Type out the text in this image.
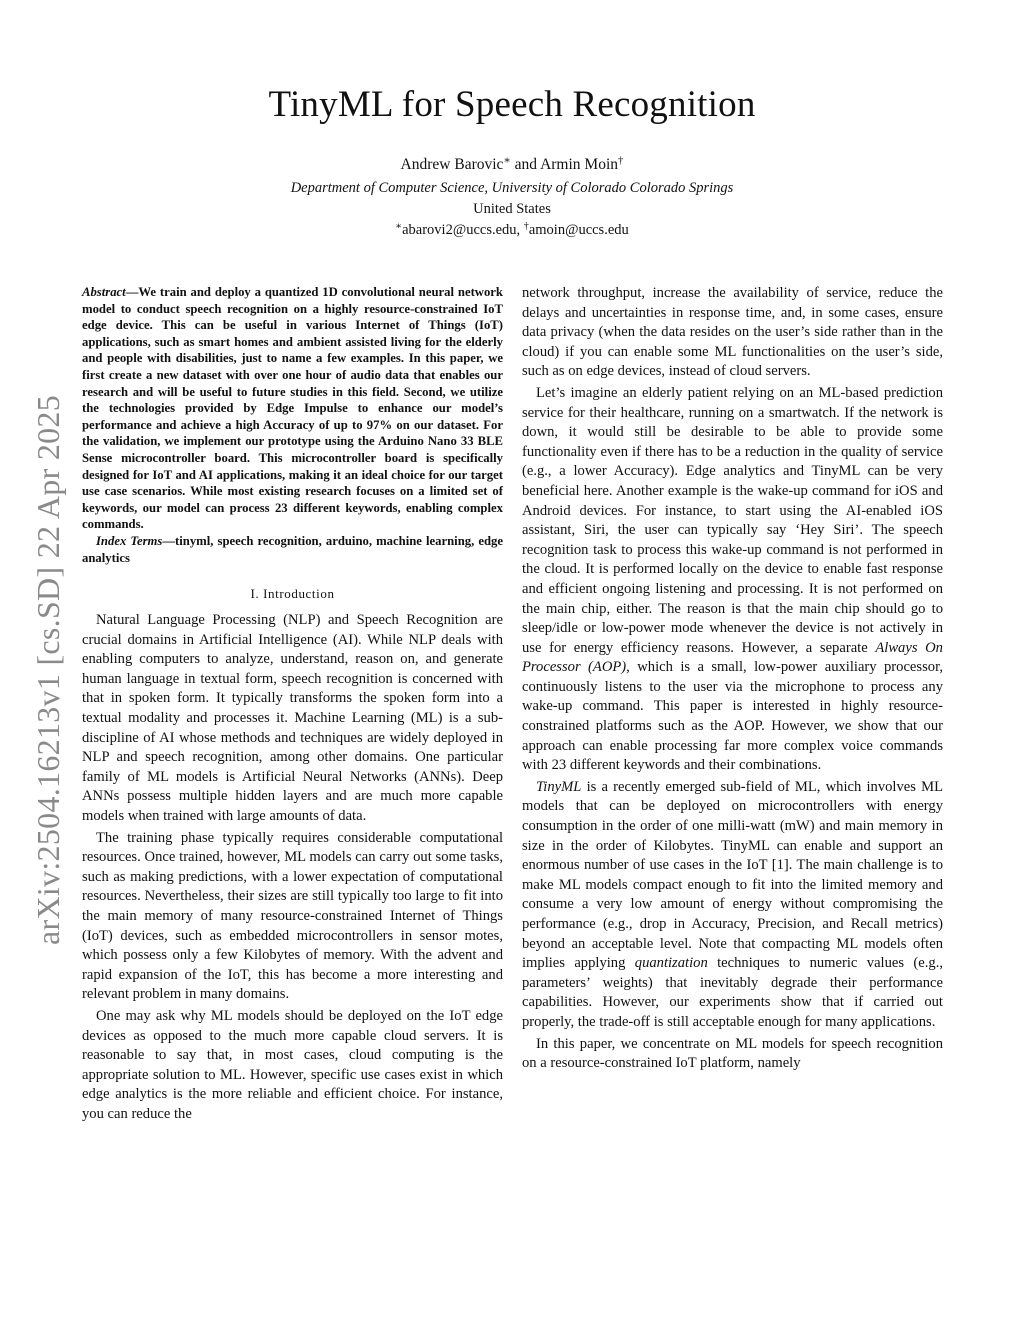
TinyML for Speech Recognition
Andrew Barovic∗ and Armin Moin†
Department of Computer Science, University of Colorado Colorado Springs
United States
∗abarovi2@uccs.edu, †amoin@uccs.edu
arXiv:2504.16213v1 [cs.SD] 22 Apr 2025

Abstract—We train and deploy a quantized 1D convolutional neural network model to conduct speech recognition on a highly resource-constrained IoT edge device. This can be useful in various Internet of Things (IoT) applications, such as smart homes and ambient assisted living for the elderly and people with disabilities, just to name a few examples. In this paper, we first create a new dataset with over one hour of audio data that enables our research and will be useful to future studies in this field. Second, we utilize the technologies provided by Edge Impulse to enhance our model’s performance and achieve a high Accuracy of up to 97% on our dataset. For the validation, we implement our prototype using the Arduino Nano 33 BLE Sense microcontroller board. This microcontroller board is specifically designed for IoT and AI applications, making it an ideal choice for our target use case scenarios. While most existing research focuses on a limited set of keywords, our model can process 23 different keywords, enabling complex commands.

Index Terms—tinyml, speech recognition, arduino, machine learning, edge analytics

I. Introduction

Natural Language Processing (NLP) and Speech Recognition are crucial domains in Artificial Intelligence (AI). While NLP deals with enabling computers to analyze, understand, reason on, and generate human language in textual form, speech recognition is concerned with that in spoken form. It typically transforms the spoken form into a textual modality and processes it. Machine Learning (ML) is a sub-discipline of AI whose methods and techniques are widely deployed in NLP and speech recognition, among other domains. One particular family of ML models is Artificial Neural Networks (ANNs). Deep ANNs possess multiple hidden layers and are much more capable models when trained with large amounts of data.

The training phase typically requires considerable computational resources. Once trained, however, ML models can carry out some tasks, such as making predictions, with a lower expectation of computational resources. Nevertheless, their sizes are still typically too large to fit into the main memory of many resource-constrained Internet of Things (IoT) devices, such as embedded microcontrollers in sensor motes, which possess only a few Kilobytes of memory. With the advent and rapid expansion of the IoT, this has become a more interesting and relevant problem in many domains.

One may ask why ML models should be deployed on the IoT edge devices as opposed to the much more capable cloud servers. It is reasonable to say that, in most cases, cloud computing is the appropriate solution to ML. However, specific use cases exist in which edge analytics is the more reliable and efficient choice. For instance, you can reduce the

network throughput, increase the availability of service, reduce the delays and uncertainties in response time, and, in some cases, ensure data privacy (when the data resides on the user’s side rather than in the cloud) if you can enable some ML functionalities on the user’s side, such as on edge devices, instead of cloud servers.

Let’s imagine an elderly patient relying on an ML-based prediction service for their healthcare, running on a smartwatch. If the network is down, it would still be desirable to be able to provide some functionality even if there has to be a reduction in the quality of service (e.g., a lower Accuracy). Edge analytics and TinyML can be very beneficial here. Another example is the wake-up command for iOS and Android devices. For instance, to start using the AI-enabled iOS assistant, Siri, the user can typically say ‘Hey Siri’. The speech recognition task to process this wake-up command is not performed in the cloud. It is performed locally on the device to enable fast response and efficient ongoing listening and processing. It is not performed on the main chip, either. The reason is that the main chip should go to sleep/idle or low-power mode whenever the device is not actively in use for energy efficiency reasons. However, a separate Always On Processor (AOP), which is a small, low-power auxiliary processor, continuously listens to the user via the microphone to process any wake-up command. This paper is interested in highly resource-constrained platforms such as the AOP. However, we show that our approach can enable processing far more complex voice commands with 23 different keywords and their combinations.

TinyML is a recently emerged sub-field of ML, which involves ML models that can be deployed on microcontrollers with energy consumption in the order of one milli-watt (mW) and main memory in size in the order of Kilobytes. TinyML can enable and support an enormous number of use cases in the IoT [1]. The main challenge is to make ML models compact enough to fit into the limited memory and consume a very low amount of energy without compromising the performance (e.g., drop in Accuracy, Precision, and Recall metrics) beyond an acceptable level. Note that compacting ML models often implies applying quantization techniques to numeric values (e.g., parameters’ weights) that inevitably degrade their performance capabilities. However, our experiments show that if carried out properly, the trade-off is still acceptable enough for many applications.

In this paper, we concentrate on ML models for speech recognition on a resource-constrained IoT platform, namely
